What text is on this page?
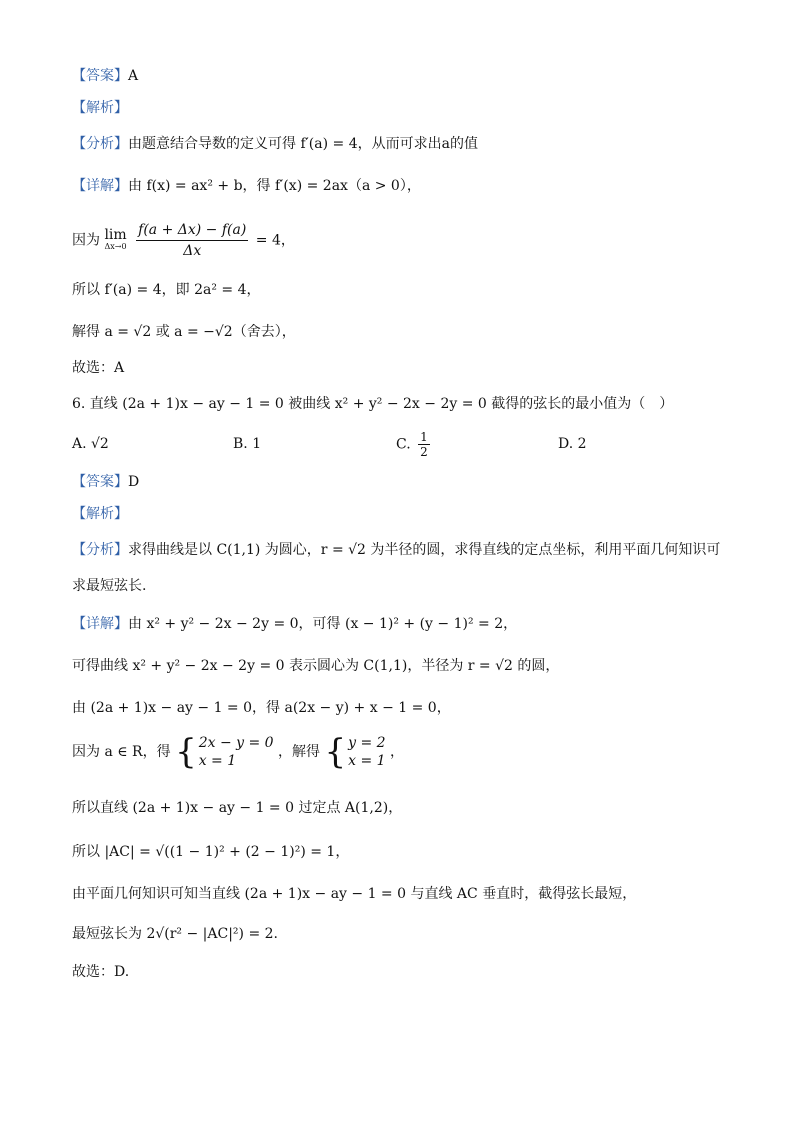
【答案】A
【解析】
【分析】由题意结合导数的定义可得 f′(a) = 4，从而可求出a的值
【详解】由 f(x) = ax² + b，得 f′(x) = 2ax（a > 0），
因为 lim
Δx→0
$\frac{f(a + \Delta x) - f(a)}{\Delta x} = 4$，
所以 f′(a) = 4，即 2a² = 4，
解得 a = √2 或 a = −√2（舍去），
故选：A
6. 直线 (2a + 1)x − ay − 1 = 0 被曲线 x² + y² − 2x − 2y = 0 截得的弦长的最小值为（　）
A. √2	B. 1	C. $\frac{1}{2}$	D. 2
【答案】D
【解析】
【分析】求得曲线是以 C(1,1) 为圆心，r = √2 为半径的圆，求得直线的定点坐标，利用平面几何知识可
求最短弦长.
【详解】由 x² + y² − 2x − 2y = 0，可得 (x − 1)² + (y − 1)² = 2，
可得曲线 x² + y² − 2x − 2y = 0 表示圆心为 C(1,1)，半径为 r = √2 的圆，
由 (2a + 1)x − ay − 1 = 0，得 a(2x − y) + x − 1 = 0，
因为 a ∈ R，得 { 2x − y = 0
x = 1 ，解得 { y = 2
x = 1 ，
所以直线 (2a + 1)x − ay − 1 = 0 过定点 A(1,2)，
所以 |AC| = √((1 − 1)² + (2 − 1)²) = 1，
由平面几何知识可知当直线 (2a + 1)x − ay − 1 = 0 与直线 AC 垂直时，截得弦长最短，
最短弦长为 2√(r² − |AC|²) = 2.
故选：D.
